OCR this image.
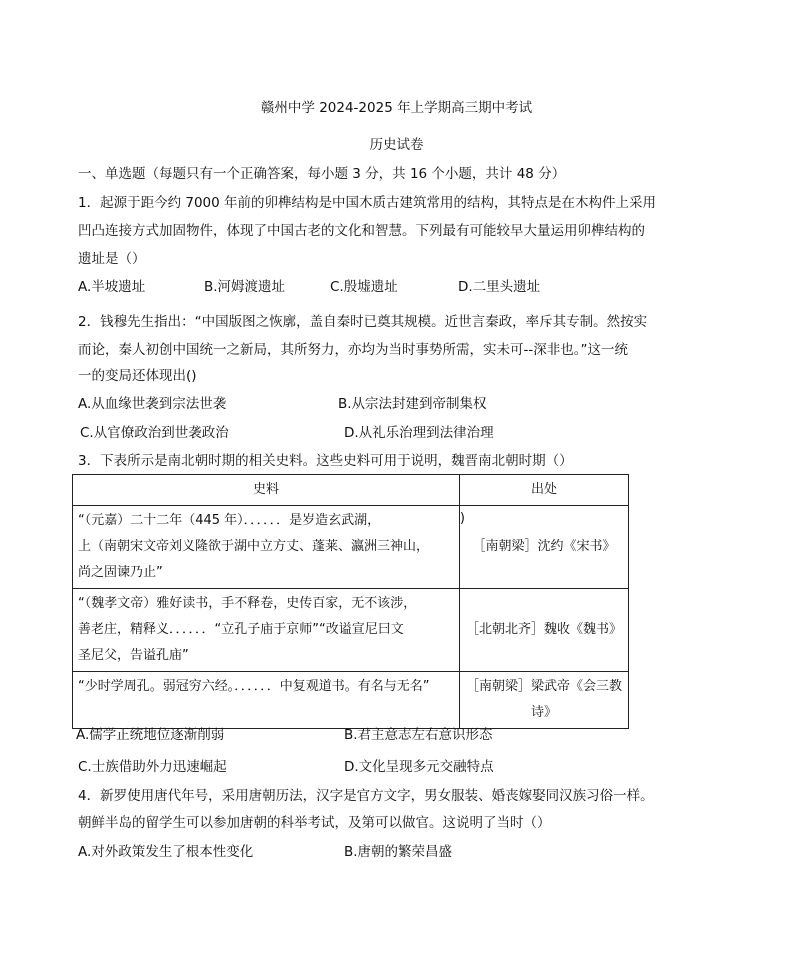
赣州中学 2024-2025 年上学期高三期中考试
历史试卷
一、单选题（每题只有一个正确答案，每小题 3 分，共 16 个小题，共计 48 分）
1．起源于距今约 7000 年前的卯榫结构是中国木质古建筑常用的结构，其特点是在木构件上采用
凹凸连接方式加固物件，体现了中国古老的文化和智慧。下列最有可能较早大量运用卯榫结构的
遗址是（）
A.半坡遗址	B.河姆渡遗址	C.殷墟遗址	D.二里头遗址
2．钱穆先生指出：“中国版图之恢廓，盖自秦时已奠其规模。近世言秦政，率斥其专制。然按实
而论，秦人初创中国统一之新局，其所努力，亦均为当时事势所需，实未可--深非也。”这一统
一的变局还体现出()
A.从血缘世袭到宗法世袭	B.从宗法封建到帝制集权
C.从官僚政治到世袭政治	D.从礼乐治理到法律治理
3．下表所示是南北朝时期的相关史料。这些史料可用于说明，魏晋南北朝时期（）
史料	出处

“（元嘉）二十二年（445 年）．．．．．．是岁造玄武湖，
上（南朝宋文帝刘义隆欲于湖中立方丈、蓬莱、瀛洲三神山，
尚之固谏乃止”
)	［南朝梁］沈约《宋书》

“（魏孝文帝）雅好读书，手不释卷，史传百家，无不该涉，
善老庄，精释义．．．．．．“立孔子庙于京师”“改谥宣尼曰文
圣尼父，告谥孔庙”	［北朝北齐］魏收《魏书》

“少时学周孔。弱冠穷六经。．．．．．．中复观道书。有名与无名”	［南朝梁］梁武帝《会三教
诗》
A.儒学正统地位逐渐削弱	B.君主意志左右意识形态
C.士族借助外力迅速崛起	D.文化呈现多元交融特点
4．新罗使用唐代年号，采用唐朝历法，汉字是官方文字，男女服装、婚丧嫁娶同汉族习俗一样。
朝鲜半岛的留学生可以参加唐朝的科举考试，及第可以做官。这说明了当时（）
A.对外政策发生了根本性变化	B.唐朝的繁荣昌盛
